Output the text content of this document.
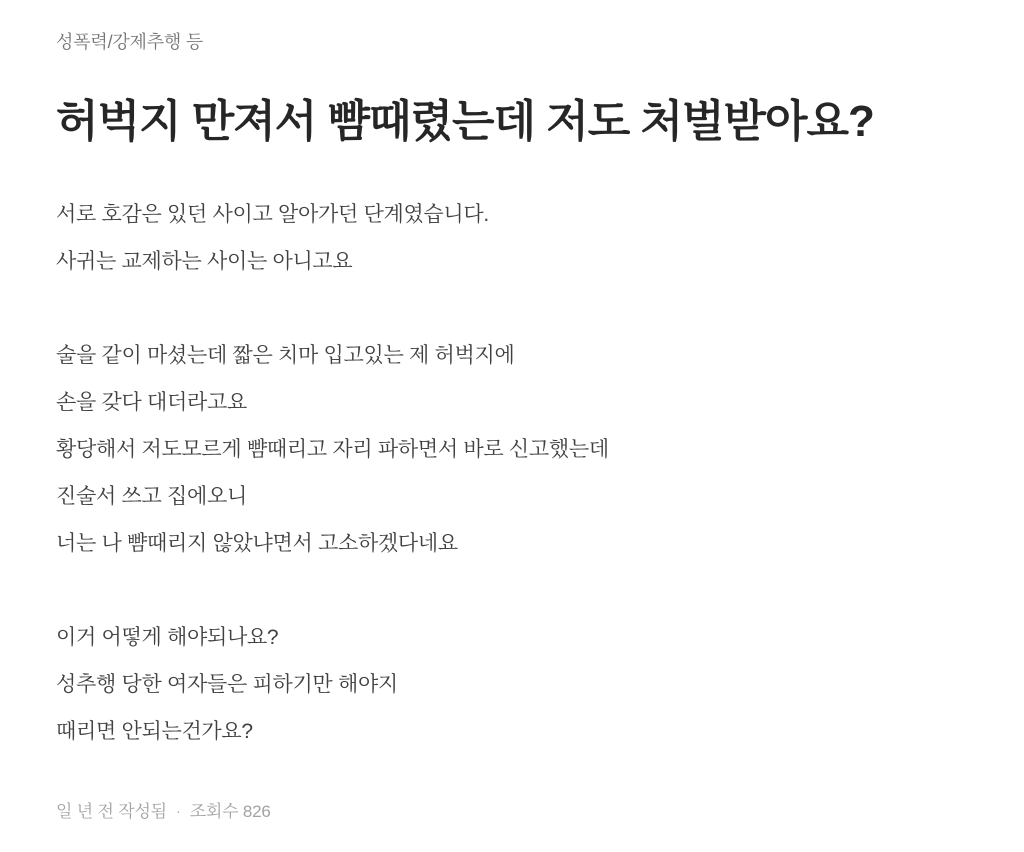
성폭력/강제추행 등
허벅지 만져서 뺨때렸는데 저도 처벌받아요?

서로 호감은 있던 사이고 알아가던 단계였습니다.
사귀는 교제하는 사이는 아니고요

술을 같이 마셨는데 짧은 치마 입고있는 제 허벅지에
손을 갖다 대더라고요
황당해서 저도모르게 뺨때리고 자리 파하면서 바로 신고했는데
진술서 쓰고 집에오니
너는 나 뺨때리지 않았냐면서 고소하겠다네요

이거 어떻게 해야되나요?
성추행 당한 여자들은 피하기만 해야지
때리면 안되는건가요?

일 년 전 작성됨 · 조회수 826
